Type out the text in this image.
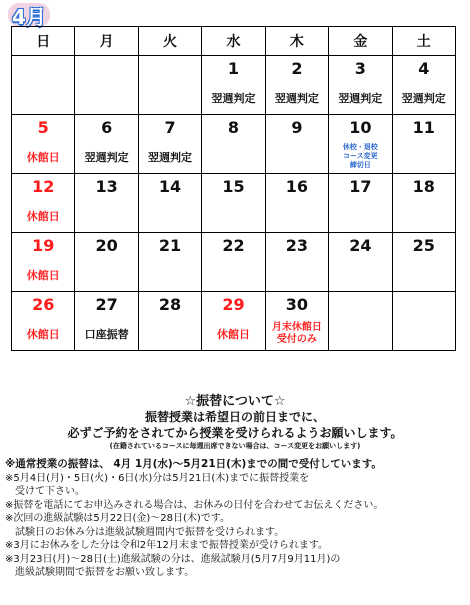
4月
日	月	火	水	木	金	土
			1	2	3	4
			翌週判定	翌週判定	翌週判定	翌週判定
5	6	7	8	9	10	11
休館日	翌週判定	翌週判定			休校・退校
コース変更
締切日	

12	13	14	15	16	17	18
休館日						
19	20	21	22	23	24	25
休館日						
26	27	28	29	30		
休館日	口座振替		休館日	月末休館日
受付のみ		

☆振替について☆
振替授業は希望日の前日までに、
必ずご予約をされてから授業を受けられるようお願いします。
(在籍されているコースに毎週出席できない場合は、コース変更をお願いします)
※通常授業の振替は、 4月 1月(水)～5月21日(木)までの間で受付しています。
※5月4日(月)・5日(火)・6日(水)分は5月21日(木)までに振替授業を
　受けて下さい。
※振替を電話にてお申込みされる場合は、お休みの日付を合わせてお伝えください。
※次回の進級試験は5月22日(金)～28日(木)です。
　試験日のお休み分は進級試験週間内で振替を受けられます。
※3月にお休みをした分は令和2年12月末まで振替授業が受けられます。
※3月23日(月)～28日(土)進級試験の分は、進級試験月(5月7月9月11月)の
　進級試験期間で振替をお願い致します。
